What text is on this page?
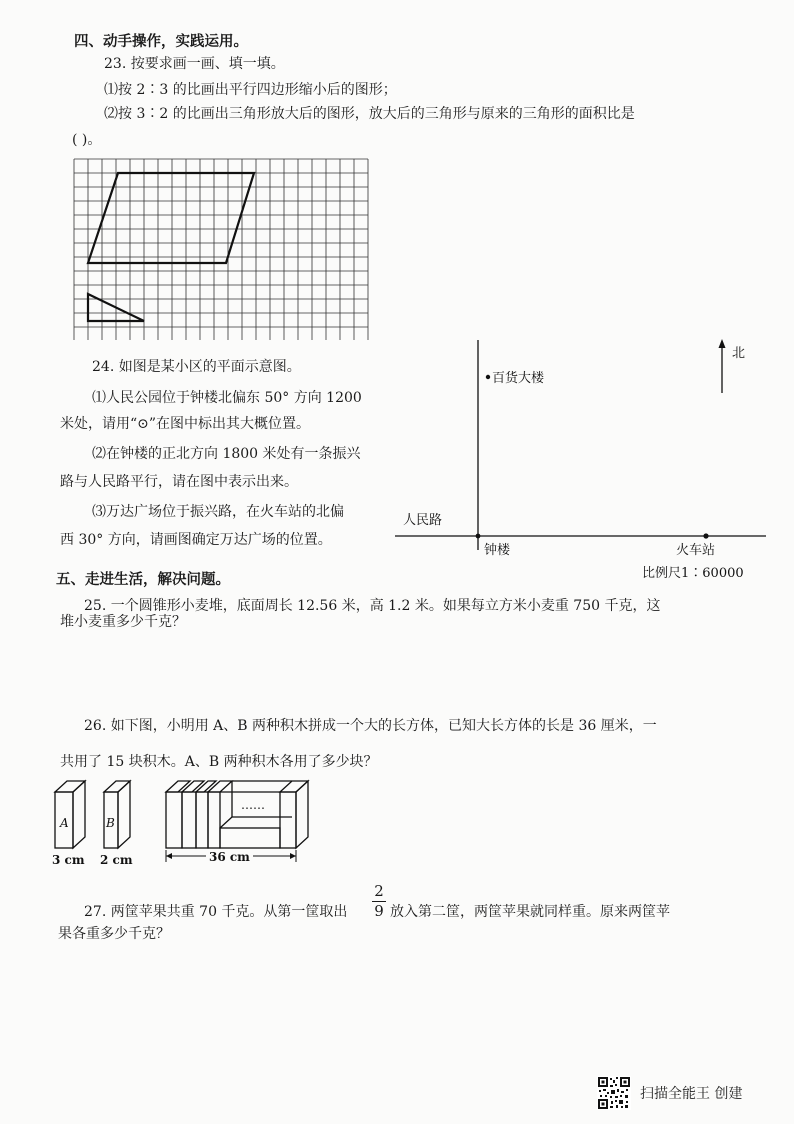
四、动手操作，实践运用。
23. 按要求画一画、填一填。
⑴按 2∶3 的比画出平行四边形缩小后的图形；
⑵按 3∶2 的比画出三角形放大后的图形，放大后的三角形与原来的三角形的面积比是
( )。
24. 如图是某小区的平面示意图。
⑴人民公园位于钟楼北偏东 50° 方向 1200
米处，请用“⊙”在图中标出其大概位置。
⑵在钟楼的正北方向 1800 米处有一条振兴
路与人民路平行，请在图中表示出来。
⑶万达广场位于振兴路，在火车站的北偏
西 30° 方向，请画图确定万达广场的位置。
北
百货大楼
人民路
钟楼	火车站
比例尺1∶60000
五、走进生活，解决问题。
25. 一个圆锥形小麦堆，底面周长 12.56 米，高 1.2 米。如果每立方米小麦重 750 千克，这
堆小麦重多少千克？
26. 如下图，小明用 A、B 两种积木拼成一个大的长方体，已知大长方体的长是 36 厘米，一
共用了 15 块积木。A、B 两种积木各用了多少块？
A
3 cm
B
2 cm
……
36 cm
27. 两筐苹果共重 70 千克。从第一筐取出
2
9 放入第二筐，两筐苹果就同样重。原来两筐苹
果各重多少千克？
扫描全能王 创建
